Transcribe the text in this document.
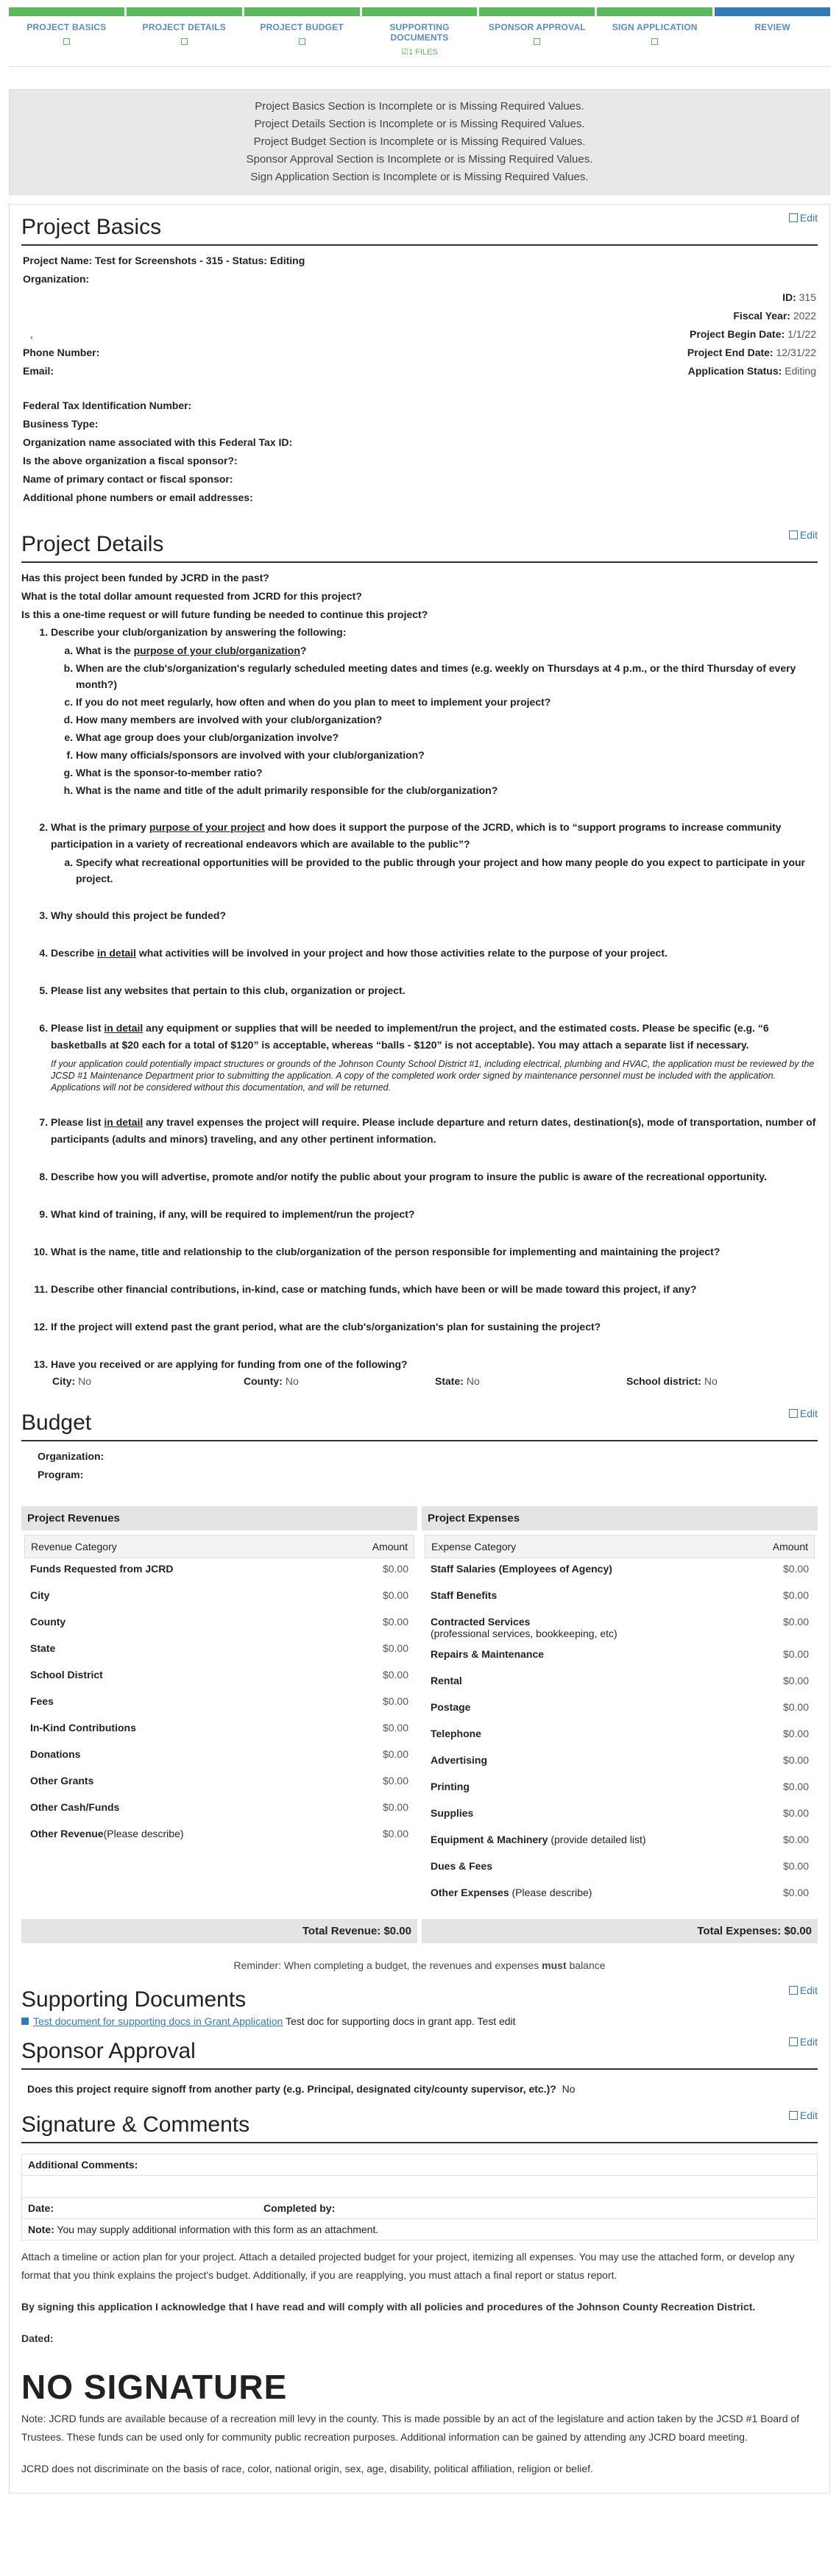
PROJECT BASICS	PROJECT DETAILS	PROJECT BUDGET	SUPPORTING DOCUMENTS
☑1 FILES
SPONSOR APPROVAL	SIGN APPLICATION	REVIEW
Project Basics Section is Incomplete or is Missing Required Values.
Project Details Section is Incomplete or is Missing Required Values.
Project Budget Section is Incomplete or is Missing Required Values.
Sponsor Approval Section is Incomplete or is Missing Required Values.
Sign Application Section is Incomplete or is Missing Required Values.
Project Basics	Edit
Project Name: Test for Screenshots - 315 - Status: Editing
Organization:
ID: 315
Fiscal Year: 2022
,	Project Begin Date: 1/1/22
Phone Number:	Project End Date: 12/31/22
Email:	Application Status: Editing
Federal Tax Identification Number:
Business Type:
Organization name associated with this Federal Tax ID:
Is the above organization a fiscal sponsor?:
Name of primary contact or fiscal sponsor:
Additional phone numbers or email addresses:
Project Details	Edit
Has this project been funded by JCRD in the past?
What is the total dollar amount requested from JCRD for this project?
Is this a one-time request or will future funding be needed to continue this project?
1. Describe your club/organization by answering the following:
a. What is the purpose of your club/organization?
b. When are the club's/organization's regularly scheduled meeting dates and times (e.g. weekly on Thursdays at 4 p.m., or the third Thursday of every month?)
c. If you do not meet regularly, how often and when do you plan to meet to implement your project?
d. How many members are involved with your club/organization?
e. What age group does your club/organization involve?
f. How many officials/sponsors are involved with your club/organization?
g. What is the sponsor-to-member ratio?
h. What is the name and title of the adult primarily responsible for the club/organization?
2. What is the primary purpose of your project and how does it support the purpose of the JCRD, which is to “support programs to increase community participation in a variety of recreational endeavors which are available to the public”?
a. Specify what recreational opportunities will be provided to the public through your project and how many people do you expect to participate in your project.
3. Why should this project be funded?
4. Describe in detail what activities will be involved in your project and how those activities relate to the purpose of your project.
5. Please list any websites that pertain to this club, organization or project.
6. Please list in detail any equipment or supplies that will be needed to implement/run the project, and the estimated costs. Please be specific (e.g. “6 basketballs at $20 each for a total of $120” is acceptable, whereas “balls - $120” is not acceptable). You may attach a separate list if necessary.
If your application could potentially impact structures or grounds of the Johnson County School District #1, including electrical, plumbing and HVAC, the application must be reviewed by the JCSD #1 Maintenance Department prior to submitting the application. A copy of the completed work order signed by maintenance personnel must be included with the application. Applications will not be considered without this documentation, and will be returned.
7. Please list in detail any travel expenses the project will require. Please include departure and return dates, destination(s), mode of transportation, number of participants (adults and minors) traveling, and any other pertinent information.
8. Describe how you will advertise, promote and/or notify the public about your program to insure the public is aware of the recreational opportunity.
9. What kind of training, if any, will be required to implement/run the project?
10. What is the name, title and relationship to the club/organization of the person responsible for implementing and maintaining the project?
11. Describe other financial contributions, in-kind, case or matching funds, which have been or will be made toward this project, if any?
12. If the project will extend past the grant period, what are the club's/organization's plan for sustaining the project?
13. Have you received or are applying for funding from one of the following?
City: No	County: No	State: No	School district: No
Budget	Edit
Organization:
Program:
Project Revenues
Revenue Category	Amount
Funds Requested from JCRD	$0.00
City	$0.00
County	$0.00
State	$0.00
School District	$0.00
Fees	$0.00
In-Kind Contributions	$0.00
Donations	$0.00
Other Grants	$0.00
Other Cash/Funds	$0.00
Other Revenue(Please describe)	$0.00
Project Expenses
Expense Category	Amount
Staff Salaries (Employees of Agency)	$0.00
Staff Benefits	$0.00
Contracted Services
(professional services, bookkeeping, etc)
$0.00
Repairs & Maintenance	$0.00
Rental	$0.00
Postage	$0.00
Telephone	$0.00
Advertising	$0.00
Printing	$0.00
Supplies	$0.00
Equipment & Machinery (provide detailed list)	$0.00
Dues & Fees	$0.00
Other Expenses (Please describe)	$0.00
Total Revenue: $0.00	Total Expenses: $0.00
Reminder: When completing a budget, the revenues and expenses must balance
Supporting Documents	Edit
Test document for supporting docs in Grant Application Test doc for supporting docs in grant app. Test edit
Sponsor Approval	Edit
Does this project require signoff from another party (e.g. Principal, designated city/county supervisor, etc.)? No
Signature & Comments	Edit
Additional Comments:
Date:	Completed by:
Note: You may supply additional information with this form as an attachment.
Attach a timeline or action plan for your project. Attach a detailed projected budget for your project, itemizing all expenses. You may use the attached form, or develop any format that you think explains the project's budget. Additionally, if you are reapplying, you must attach a final report or status report.
By signing this application I acknowledge that I have read and will comply with all policies and procedures of the Johnson County Recreation District.
Dated:
NO SIGNATURE
Note: JCRD funds are available because of a recreation mill levy in the county. This is made possible by an act of the legislature and action taken by the JCSD #1 Board of Trustees. These funds can be used only for community public recreation purposes. Additional information can be gained by attending any JCRD board meeting.
JCRD does not discriminate on the basis of race, color, national origin, sex, age, disability, political affiliation, religion or belief.
